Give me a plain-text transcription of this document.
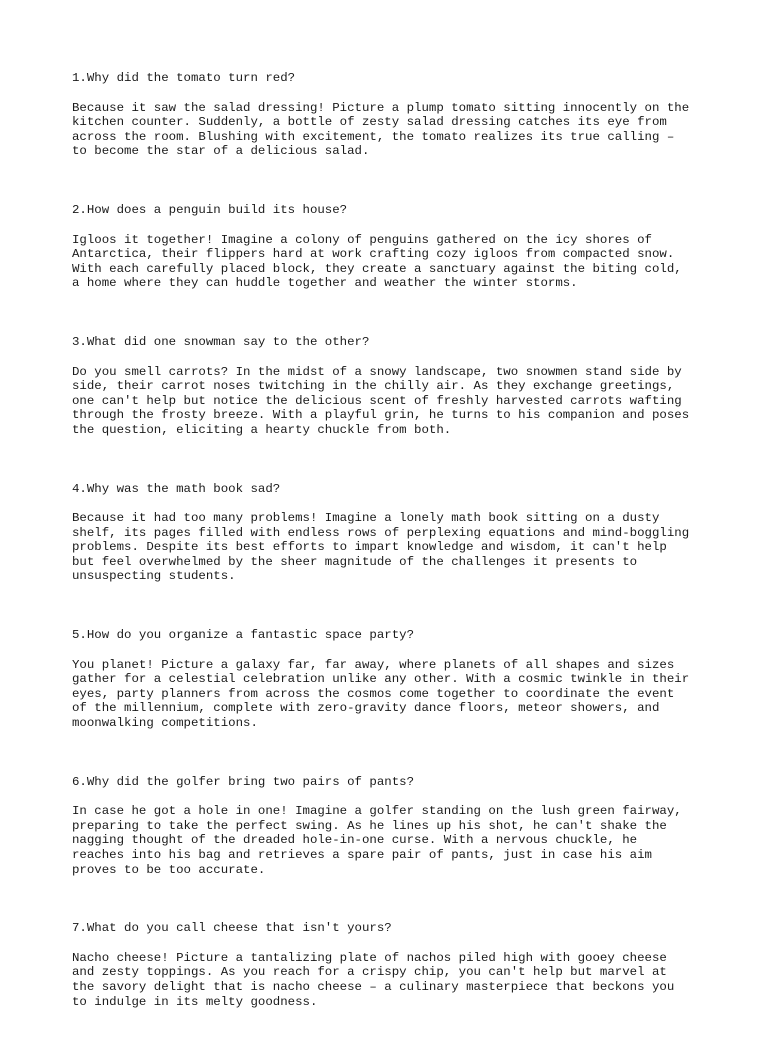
1.Why did the tomato turn red?

Because it saw the salad dressing! Picture a plump tomato sitting innocently on the
kitchen counter. Suddenly, a bottle of zesty salad dressing catches its eye from
across the room. Blushing with excitement, the tomato realizes its true calling –
to become the star of a delicious salad.

2.How does a penguin build its house?

Igloos it together! Imagine a colony of penguins gathered on the icy shores of
Antarctica, their flippers hard at work crafting cozy igloos from compacted snow.
With each carefully placed block, they create a sanctuary against the biting cold,
a home where they can huddle together and weather the winter storms.

3.What did one snowman say to the other?

Do you smell carrots? In the midst of a snowy landscape, two snowmen stand side by
side, their carrot noses twitching in the chilly air. As they exchange greetings,
one can't help but notice the delicious scent of freshly harvested carrots wafting
through the frosty breeze. With a playful grin, he turns to his companion and poses
the question, eliciting a hearty chuckle from both.

4.Why was the math book sad?

Because it had too many problems! Imagine a lonely math book sitting on a dusty
shelf, its pages filled with endless rows of perplexing equations and mind-boggling
problems. Despite its best efforts to impart knowledge and wisdom, it can't help
but feel overwhelmed by the sheer magnitude of the challenges it presents to
unsuspecting students.

5.How do you organize a fantastic space party?

You planet! Picture a galaxy far, far away, where planets of all shapes and sizes
gather for a celestial celebration unlike any other. With a cosmic twinkle in their
eyes, party planners from across the cosmos come together to coordinate the event
of the millennium, complete with zero-gravity dance floors, meteor showers, and
moonwalking competitions.

6.Why did the golfer bring two pairs of pants?

In case he got a hole in one! Imagine a golfer standing on the lush green fairway,
preparing to take the perfect swing. As he lines up his shot, he can't shake the
nagging thought of the dreaded hole-in-one curse. With a nervous chuckle, he
reaches into his bag and retrieves a spare pair of pants, just in case his aim
proves to be too accurate.

7.What do you call cheese that isn't yours?

Nacho cheese! Picture a tantalizing plate of nachos piled high with gooey cheese
and zesty toppings. As you reach for a crispy chip, you can't help but marvel at
the savory delight that is nacho cheese – a culinary masterpiece that beckons you
to indulge in its melty goodness.
